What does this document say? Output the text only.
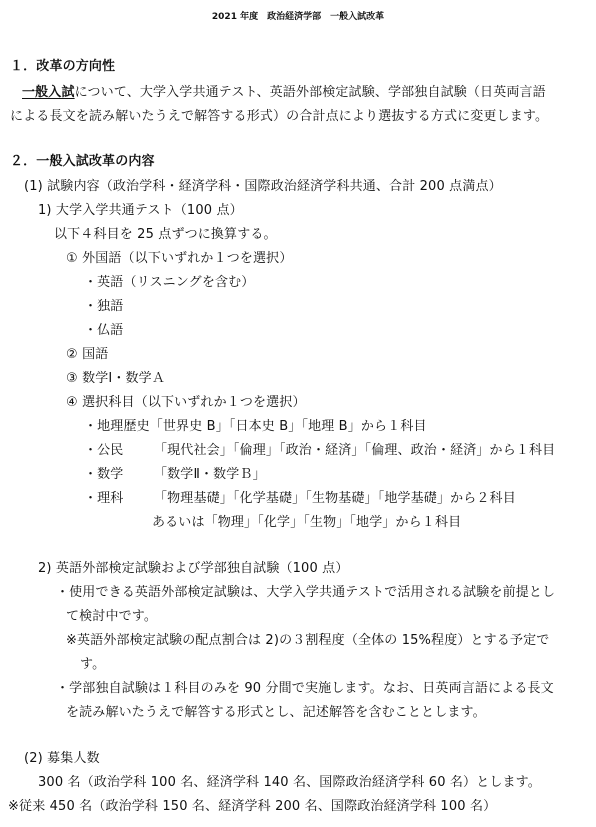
2021 年度　政治経済学部　一般入試改革
１．改革の方向性
一般入試について、大学入学共通テスト、英語外部検定試験、学部独自試験（日英両言語
による長文を読み解いたうえで解答する形式）の合計点により選抜する方式に変更します。
２．一般入試改革の内容
(1) 試験内容（政治学科・経済学科・国際政治経済学科共通、合計 200 点満点）
1) 大学入学共通テスト（100 点）
以下４科目を 25 点ずつに換算する。
① 外国語（以下いずれか１つを選択）
・英語（リスニングを含む）
・独語
・仏語
② 国語
③ 数学Ⅰ・数学Ａ
④ 選択科目（以下いずれか１つを選択）
・地理歴史「世界史 B」「日本史 B」「地理 B」から１科目
・公民 「現代社会」「倫理」「政治・経済」「倫理、政治・経済」から１科目
・数学 「数学Ⅱ・数学Ｂ」
・理科 「物理基礎」「化学基礎」「生物基礎」「地学基礎」から２科目
あるいは「物理」「化学」「生物」「地学」から１科目
2) 英語外部検定試験および学部独自試験（100 点）
・使用できる英語外部検定試験は、大学入学共通テストで活用される試験を前提とし
て検討中です。
※英語外部検定試験の配点割合は 2)の３割程度（全体の 15%程度）とする予定で
す。
・学部独自試験は１科目のみを 90 分間で実施します。なお、日英両言語による長文
を読み解いたうえで解答する形式とし、記述解答を含むこととします。
(2) 募集人数
300 名（政治学科 100 名、経済学科 140 名、国際政治経済学科 60 名）とします。
※従来 450 名（政治学科 150 名、経済学科 200 名、国際政治経済学科 100 名）
